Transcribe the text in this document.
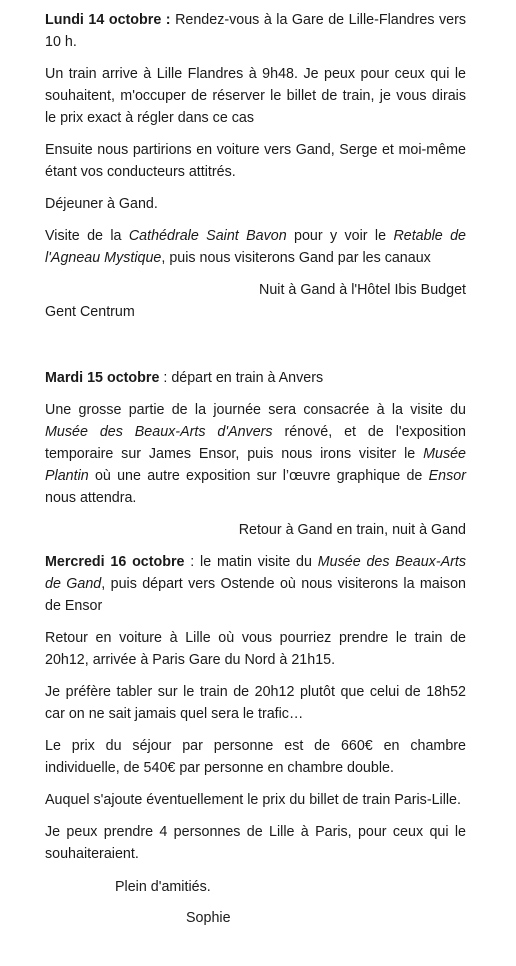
Lundi 14 octobre : Rendez-vous à la Gare de Lille-Flandres vers 10 h.

Un train arrive à Lille Flandres à 9h48. Je peux pour ceux qui le souhaitent, m'occuper de réserver le billet de train, je vous dirais le prix exact à régler dans ce cas

Ensuite nous partirions en voiture vers Gand, Serge et moi-même étant vos conducteurs attitrés.

Déjeuner à Gand.

Visite de la Cathédrale Saint Bavon pour y voir le Retable de l'Agneau Mystique, puis nous visiterons Gand par les canaux

Nuit à Gand à l'Hôtel Ibis Budget

Gent Centrum

Mardi 15 octobre : départ en train à Anvers

Une grosse partie de la journée sera consacrée à la visite du Musée des Beaux-Arts d'Anvers rénové, et de l'exposition temporaire sur James Ensor, puis nous irons visiter le Musée Plantin où une autre exposition sur l’œuvre graphique de Ensor nous attendra.

Retour à Gand en train, nuit à Gand

Mercredi 16 octobre : le matin visite du Musée des Beaux-Arts de Gand, puis départ vers Ostende où nous visiterons la maison de Ensor

Retour en voiture à Lille où vous pourriez prendre le train de 20h12, arrivée à Paris Gare du Nord à 21h15.

Je préfère tabler sur le train de 20h12 plutôt que celui de 18h52 car on ne sait jamais quel sera le trafic…

Le prix du séjour par personne est de 660€ en chambre individuelle, de 540€ par personne en chambre double.

Auquel s'ajoute éventuellement le prix du billet de train Paris-Lille.

Je peux prendre 4 personnes de Lille à Paris, pour ceux qui le souhaiteraient.

Plein d'amitiés.

Sophie
